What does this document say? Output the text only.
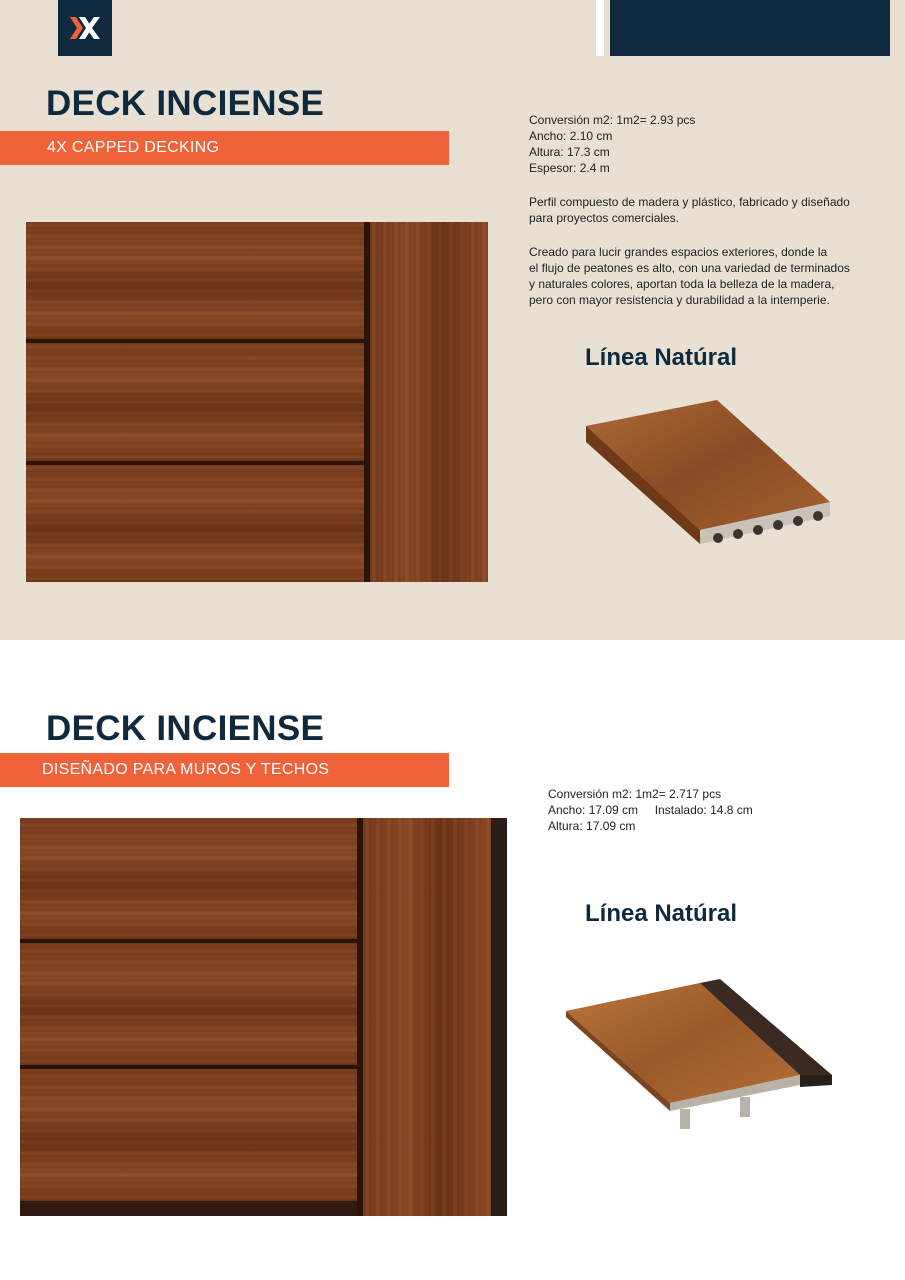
DECK INCIENSE
4X CAPPED DECKING

Conversión m2: 1m2= 2.93 pcs

Ancho: 2.10 cm

Altura: 17.3 cm

Espesor: 2.4 m

Perfil compuesto de madera y plástico, fabricado y diseñado

para proyectos comerciales.

Creado para lucir grandes espacios exteriores, donde la

el flujo de peatones es alto, con una variedad de terminados

y naturales colores, aportan toda la belleza de la madera,

pero con mayor resistencia y durabilidad a la intemperie.

Línea Natúral
DECK INCIENSE
DISEÑADO PARA MUROS Y TECHOS

Conversión m2: 1m2= 2.717 pcs

Ancho: 17.09 cm     Instalado: 14.8 cm

Altura: 17.09 cm

Línea Natúral
